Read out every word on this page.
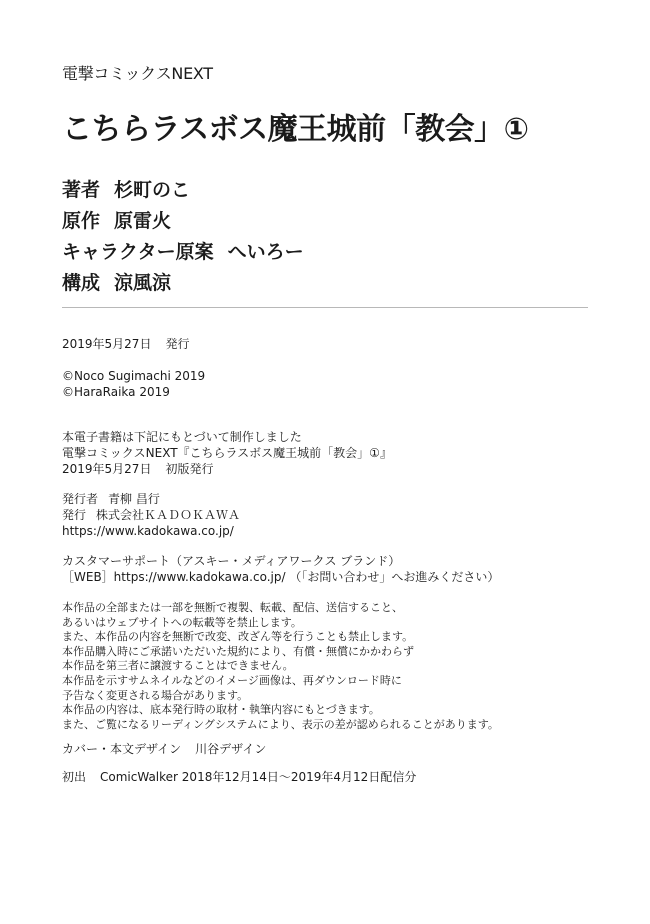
電撃コミックスNEXT
こちらラスボス魔王城前「教会」①
著者 杉町のこ
原作 原雷火
キャラクター原案 へいろー
構成 涼風涼
2019年5月27日 発行
©Noco Sugimachi 2019
©HaraRaika 2019
本電子書籍は下記にもとづいて制作しました
電撃コミックスNEXT『こちらラスボス魔王城前「教会」①』
2019年5月27日 初版発行
発行者 青柳 昌行
発行 株式会社ＫＡＤＯＫＡＷＡ
https://www.kadokawa.co.jp/
カスタマーサポート（アスキー・メディアワークス ブランド）
［WEB］https://www.kadokawa.co.jp/ （「お問い合わせ」へお進みください）
本作品の全部または一部を無断で複製、転載、配信、送信すること、
あるいはウェブサイトへの転載等を禁止します。
また、本作品の内容を無断で改変、改ざん等を行うことも禁止します。
本作品購入時にご承諾いただいた規約により、有償・無償にかかわらず
本作品を第三者に譲渡することはできません。
本作品を示すサムネイルなどのイメージ画像は、再ダウンロード時に
予告なく変更される場合があります。
本作品の内容は、底本発行時の取材・執筆内容にもとづきます。
また、ご覧になるリーディングシステムにより、表示の差が認められることがあります。
カバー・本文デザイン 川谷デザイン
初出 ComicWalker 2018年12月14日～2019年4月12日配信分
